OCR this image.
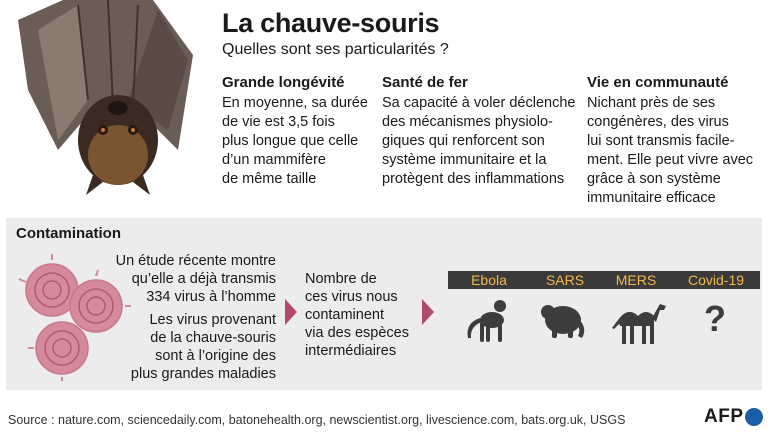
La chauve-souris
Quelles sont ses particularités ?
Grande longévité
En moyenne, sa durée
de vie est 3,5 fois
plus longue que celle
d’un mammifère
de même taille
Santé de fer
Sa capacité à voler déclenche
des mécanismes physiolo-
giques qui renforcent son
système immunitaire et la
protègent des inflammations
Vie en communauté
Nichant près de ses
congénères, des virus
lui sont transmis facile-
ment. Elle peut vivre avec
grâce à son système
immunitaire efficace
Contamination
Un étude récente montre
qu’elle a déjà transmis
334 virus à l’homme
Les virus provenant
de la chauve-souris
sont à l’origine des
plus grandes maladies
Nombre de
ces virus nous
contaminent
via des espèces
intermédiaires
Ebola	SARS	MERS	Covid-19
?
Source : nature.com, sciencedaily.com, batonehealth.org, newscientist.org, livescience.com, bats.org.uk, USGS	AFP
